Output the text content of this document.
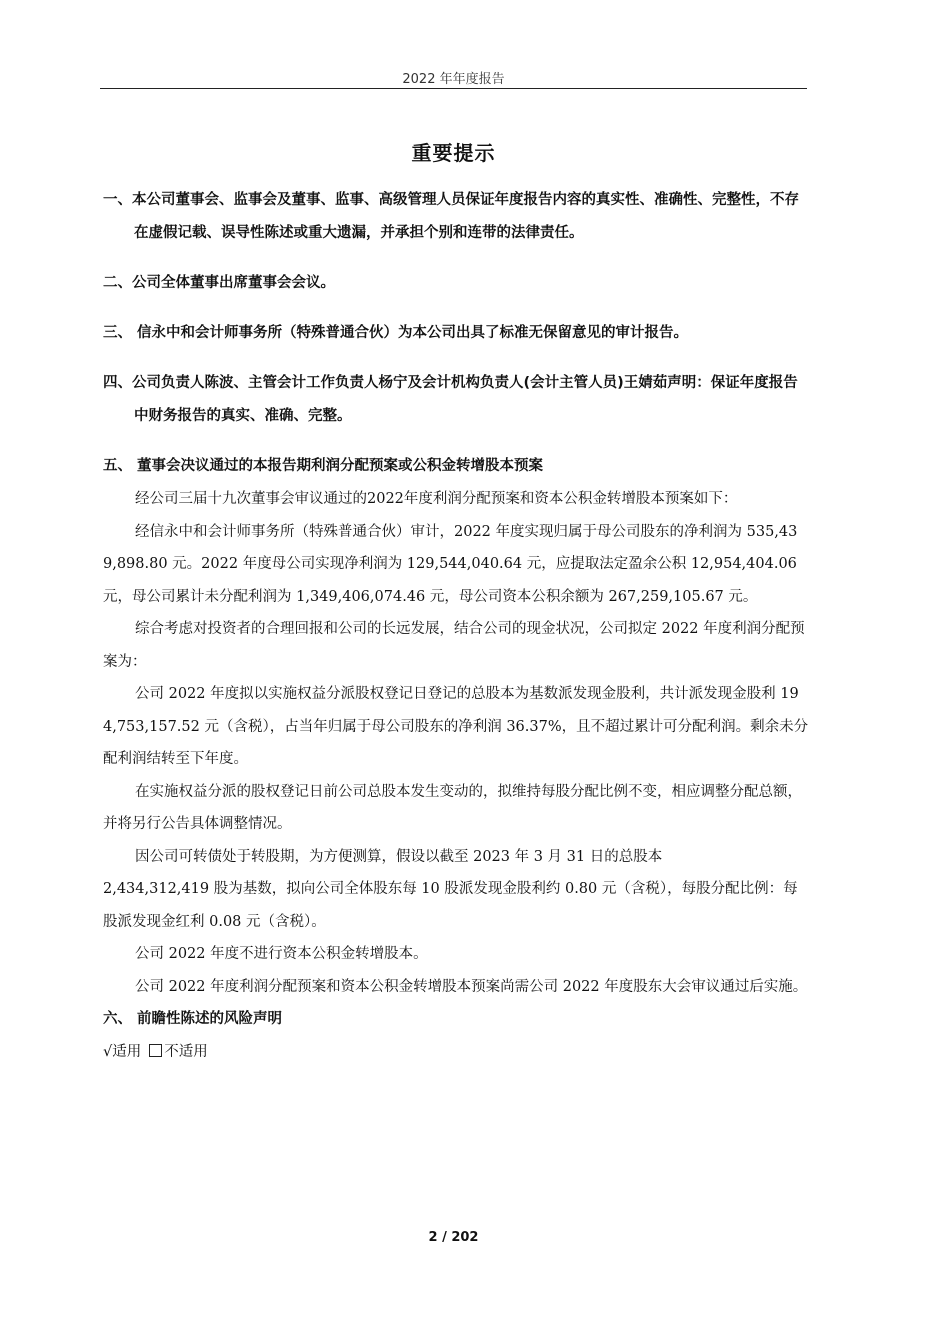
2022 年年度报告
重要提示

一、本公司董事会、监事会及董事、监事、高级管理人员保证年度报告内容的真实性、准确性、完整性，不存在虚假记载、误导性陈述或重大遗漏，并承担个别和连带的法律责任。

二、公司全体董事出席董事会会议。

三、 信永中和会计师事务所（特殊普通合伙）为本公司出具了标准无保留意见的审计报告。

四、公司负责人陈波、主管会计工作负责人杨宁及会计机构负责人(会计主管人员)王婧茹声明：保证年度报告中财务报告的真实、准确、完整。

五、 董事会决议通过的本报告期利润分配预案或公积金转增股本预案

经公司三届十九次董事会审议通过的2022年度利润分配预案和资本公积金转增股本预案如下：

经信永中和会计师事务所（特殊普通合伙）审计，2022 年度实现归属于母公司股东的净利润为 535,439,898.80 元。2022 年度母公司实现净利润为 129,544,040.64 元，应提取法定盈余公积 12,954,404.06 元，母公司累计未分配利润为 1,349,406,074.46 元，母公司资本公积余额为 267,259,105.67 元。

综合考虑对投资者的合理回报和公司的长远发展，结合公司的现金状况，公司拟定 2022 年度利润分配预案为：

公司 2022 年度拟以实施权益分派股权登记日登记的总股本为基数派发现金股利，共计派发现金股利 194,753,157.52 元（含税），占当年归属于母公司股东的净利润 36.37%，且不超过累计可分配利润。剩余未分配利润结转至下年度。

在实施权益分派的股权登记日前公司总股本发生变动的，拟维持每股分配比例不变，相应调整分配总额，并将另行公告具体调整情况。

因公司可转债处于转股期，为方便测算，假设以截至 2023 年 3 月 31 日的总股本

2,434,312,419 股为基数，拟向公司全体股东每 10 股派发现金股利约 0.80 元（含税），每股分配比例：每股派发现金红利 0.08 元（含税）。

公司 2022 年度不进行资本公积金转增股本。

公司 2022 年度利润分配预案和资本公积金转增股本预案尚需公司 2022 年度股东大会审议通过后实施。

六、 前瞻性陈述的风险声明

√适用 不适用

2 / 202
